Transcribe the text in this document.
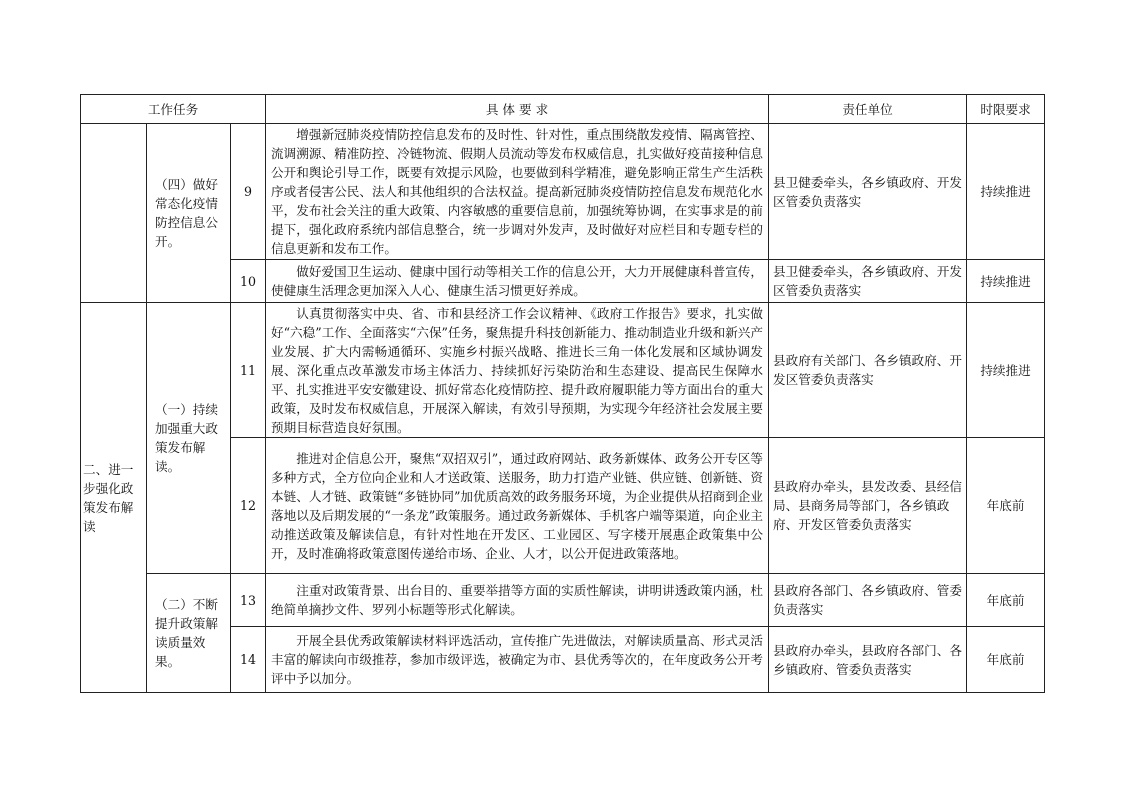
工作任务			具 体 要 求	责任单位	时限要求
	（四）做好常态化疫情防控信息公开。	9	增强新冠肺炎疫情防控信息发布的及时性、针对性，重点围绕散发疫情、隔离管控、流调溯源、精准防控、冷链物流、假期人员流动等发布权威信息，扎实做好疫苗接种信息公开和舆论引导工作，既要有效提示风险，也要做到科学精准，避免影响正常生产生活秩序或者侵害公民、法人和其他组织的合法权益。提高新冠肺炎疫情防控信息发布规范化水平，发布社会关注的重大政策、内容敏感的重要信息前，加强统筹协调，在实事求是的前提下，强化政府系统内部信息整合，统一步调对外发声，及时做好对应栏目和专题专栏的信息更新和发布工作。	县卫健委牵头，各乡镇政府、开发区管委负责落实	持续推进
		10	做好爱国卫生运动、健康中国行动等相关工作的信息公开，大力开展健康科普宣传，使健康生活理念更加深入人心、健康生活习惯更好养成。	县卫健委牵头，各乡镇政府、开发区管委负责落实	持续推进
二、进一步强化政策发布解读	（一）持续加强重大政策发布解读。	11	认真贯彻落实中央、省、市和县经济工作会议精神、《政府工作报告》要求，扎实做好“六稳”工作、全面落实“六保”任务，聚焦提升科技创新能力、推动制造业升级和新兴产业发展、扩大内需畅通循环、实施乡村振兴战略、推进长三角一体化发展和区域协调发展、深化重点改革激发市场主体活力、持续抓好污染防治和生态建设、提高民生保障水平、扎实推进平安安徽建设、抓好常态化疫情防控、提升政府履职能力等方面出台的重大政策，及时发布权威信息，开展深入解读，有效引导预期，为实现今年经济社会发展主要预期目标营造良好氛围。	县政府有关部门、各乡镇政府、开发区管委负责落实	持续推进
		12	推进对企信息公开，聚焦“双招双引”，通过政府网站、政务新媒体、政务公开专区等多种方式，全方位向企业和人才送政策、送服务，助力打造产业链、供应链、创新链、资本链、人才链、政策链“多链协同”加优质高效的政务服务环境，为企业提供从招商到企业落地以及后期发展的“一条龙”政策服务。通过政务新媒体、手机客户端等渠道，向企业主动推送政策及解读信息，有针对性地在开发区、工业园区、写字楼开展惠企政策集中公开，及时准确将政策意图传递给市场、企业、人才，以公开促进政策落地。	县政府办牵头，县发改委、县经信局、县商务局等部门，各乡镇政府、开发区管委负责落实	年底前
	（二）不断提升政策解读质量效果。	13	注重对政策背景、出台目的、重要举措等方面的实质性解读，讲明讲透政策内涵，杜绝简单摘抄文件、罗列小标题等形式化解读。	县政府各部门、各乡镇政府、管委负责落实	年底前
		14	开展全县优秀政策解读材料评选活动，宣传推广先进做法，对解读质量高、形式灵活丰富的解读向市级推荐，参加市级评选，被确定为市、县优秀等次的，在年度政务公开考评中予以加分。	县政府办牵头，县政府各部门、各乡镇政府、管委负责落实	年底前
